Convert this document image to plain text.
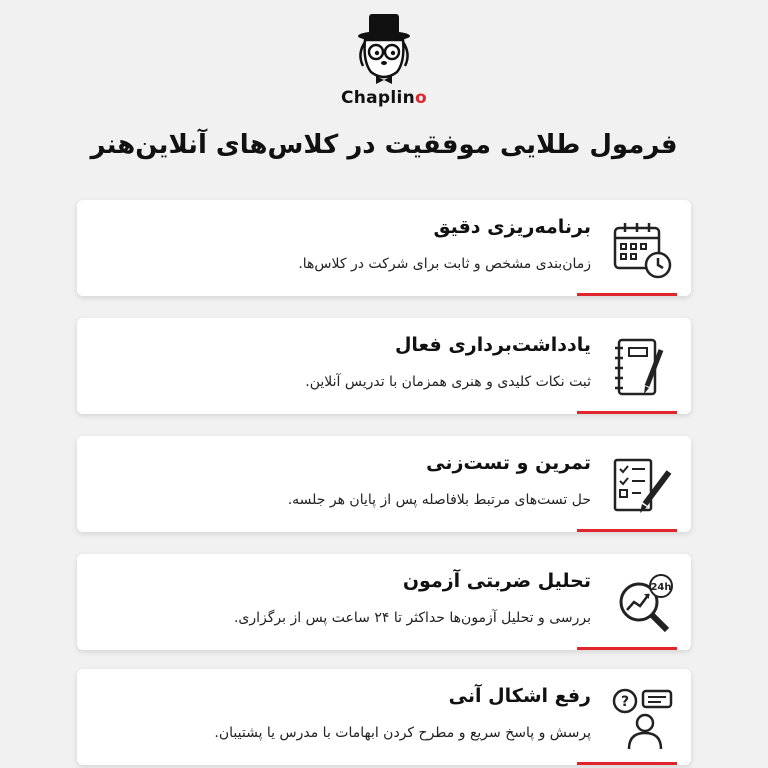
Chaplino
فرمول طلایی موفقیت در کلاس‌های آنلاین‌هنر
برنامه‌ریزی دقیق
زمان‌بندی مشخص و ثابت برای شرکت در کلاس‌ها.
یادداشت‌برداری فعال
ثبت نکات کلیدی و هنری همزمان با تدریس آنلاین.
تمرین و تست‌زنی
حل تست‌های مرتبط بلافاصله پس از پایان هر جلسه.
24h
تحلیل ضربتی آزمون
بررسی و تحلیل آزمون‌ها حداکثر تا ۲۴ ساعت پس از برگزاری.
?
رفع اشکال آنی
پرسش و پاسخ سریع و مطرح کردن ابهامات با مدرس یا پشتیبان.
